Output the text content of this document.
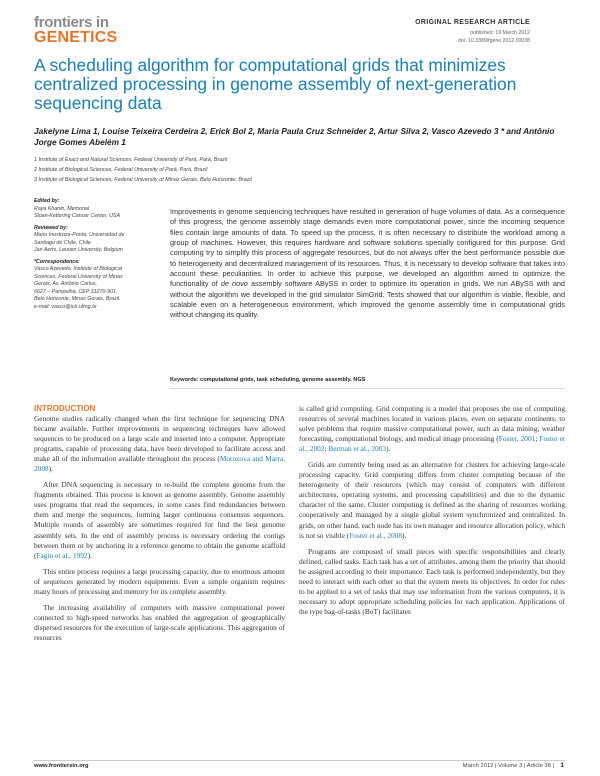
frontiers in
GENETICS
ORIGINAL RESEARCH ARTICLE
published: 19 March 2012
doi: 10.3389/fgene.2012.00038
A scheduling algorithm for computational grids that minimizes centralized processing in genome assembly of next-generation sequencing data
Jakelyne Lima 1, Louise Teixeira Cerdeira 2, Erick Bol 2, Maria Paula Cruz Schneider 2, Artur Silva 2, Vasco Azevedo 3 * and Antônio Jorge Gomes Abelém 1
1 Institute of Exact and Natural Sciences, Federal University of Pará, Pará, Brazil
2 Institute of Biological Sciences, Federal University of Pará, Pará, Brazil
3 Institute of Biological Sciences, Federal University of Minas Gerais, Belo Horizonte, Brazil
Edited by:
Raya Khanin, Memorial
Sloan-Kettering Cancer Center, USA
Reviewed by:
Mario Inostroza-Ponta, Universidad de
Santiago de Chile, Chile
Jan Aerts, Leuven University, Belgium
*Correspondence:
Vasco Azevedo, Institute of Biological
Sciences, Federal University of Minas
Gerais, Av. Antônio Carlos,
6627 – Pampulha, CEP 31270-901,
Belo Horizonte, Minas Gerais, Brazil.
e-mail: vasco@icb.ufmg.br
Improvements in genome sequencing techniques have resulted in generation of huge volumes of data. As a consequence of this progress, the genome assembly stage demands even more computational power, since the incoming sequence files contain large amounts of data. To speed up the process, it is often necessary to distribute the workload among a group of machines. However, this requires hardware and software solutions specially configured for this purpose. Grid computing try to simplify this process of aggregate resources, but do not always offer the best performance possible due to heterogeneity and decentralized management of its resources. Thus, it is necessary to develop software that takes into account these peculiarities. In order to achieve this purpose, we developed an algorithm aimed to optimize the functionality of de novo assembly software ABySS in order to optimize its operation in grids. We run ABySS with and without the algorithm we developed in the grid simulator SimGrid. Tests showed that our algorithm is viable, flexible, and scalable even on a heterogeneous environment, which improved the genome assembly time in computational grids without changing its quality.
Keywords: computational grids, task scheduling, genome assembly, NGS
INTRODUCTION

Genome studies radically changed when the first technique for sequencing DNA became available. Further improvements in sequencing techniques have allowed sequences to be produced on a large scale and inserted into a computer. Appropriate programs, capable of processing data, have been developed to facilitate access and make all of the information available throughout the process (Morozova and Marra, 2008).

After DNA sequencing is necessary to re-build the complete genome from the fragments obtained. This process is known as genome assembly. Genome assembly uses programs that read the sequences, in some cases find redundancies between them and merge the sequences, forming larger continuous consensus sequences. Multiple rounds of assembly are sometimes required for find the best genome assembly sets. In the end of assembly process is necessary ordering the contigs between them or by anchoring in a reference genome to obtain the genome scaffold (Fagin et al., 1992).

This entire process requires a large processing capacity, due to enormous amount of sequences generated by modern equipments. Even a simple organism requires many hours of processing and memory for its complete assembly.

The increasing availability of computers with massive computational power connected to high-speed networks has enabled the aggregation of geographically dispersed resources for the execution of large-scale applications. This aggregation of resources

is called grid computing. Grid computing is a model that proposes the use of computing resources of several machines located in various places, even on separate continents, to solve problems that require massive computational power, such as data mining, weather forecasting, computational biology, and medical image processing (Foster, 2001; Foster et al., 2002; Berman et al., 2003).

Grids are currently being used as an alternative for clusters for achieving large-scale processing capacity. Grid computing differs from cluster computing because of the heterogeneity of their resources (which may consist of computers with different architectures, operating systems, and processing capabilities) and due to the dynamic character of the same. Cluster computing is defined as the sharing of resources working cooperatively and managed by a single global system synchronized and centralized. In grids, on other hand, each node has its own manager and resource allocation policy, which is not so visible (Foster et al., 2008).

Programs are composed of small pieces with specific responsibilities and clearly defined, called tasks. Each task has a set of attributes, among them the priority that should be assigned according to their importance. Each task is performed independently, but they need to interact with each other so that the system meets its objectives. In order for rules to be applied to a set of tasks that may use information from the various computers, it is necessary to adopt appropriate scheduling policies for each application. Applications of the type bag-of-tasks (BoT) facilitates

www.frontiersin.org	March 2012 | Volume 3 | Article 38 | 1
